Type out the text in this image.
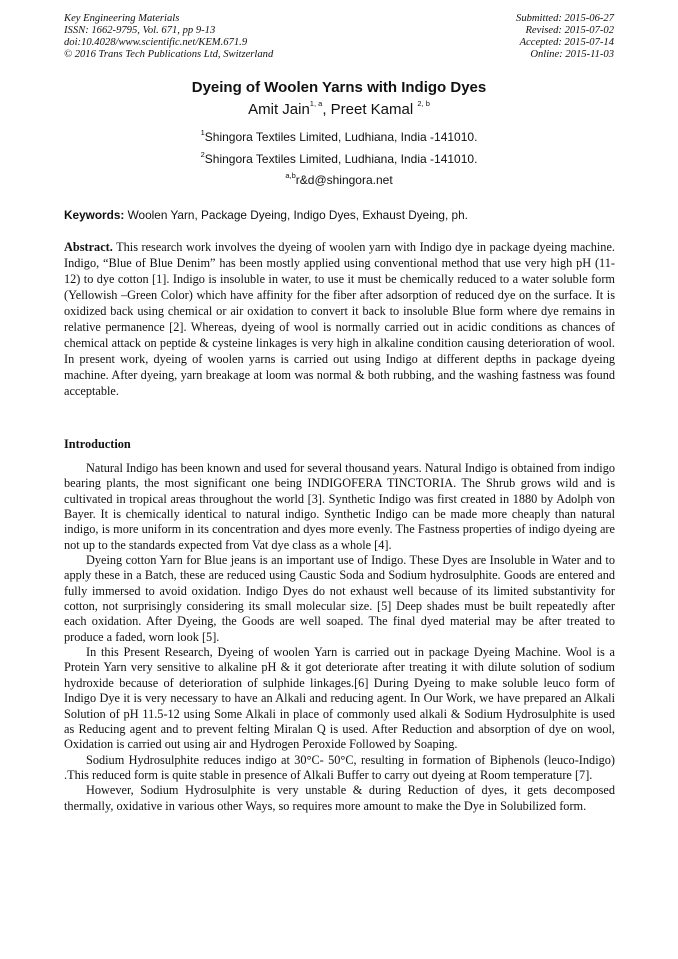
Key Engineering Materials
ISSN: 1662-9795, Vol. 671, pp 9-13
doi:10.4028/www.scientific.net/KEM.671.9
© 2016 Trans Tech Publications Ltd, Switzerland
Submitted: 2015-06-27
Revised: 2015-07-02
Accepted: 2015-07-14
Online: 2015-11-03
Dyeing of Woolen Yarns with Indigo Dyes
Amit Jain$^{1, a}$, Preet Kamal $^{2, b}$
$^1$Shingora Textiles Limited, Ludhiana, India -141010.
$^2$Shingora Textiles Limited, Ludhiana, India -141010.
$^{a,b}$r&d@shingora.net
Keywords: Woolen Yarn, Package Dyeing, Indigo Dyes, Exhaust Dyeing, ph.
Abstract. This research work involves the dyeing of woolen yarn with Indigo dye in package dyeing machine. Indigo, “Blue of Blue Denim” has been mostly applied using conventional method that use very high pH (11-12) to dye cotton [1]. Indigo is insoluble in water, to use it must be chemically reduced to a water soluble form (Yellowish –Green Color) which have affinity for the fiber after adsorption of reduced dye on the surface. It is oxidized back using chemical or air oxidation to convert it back to insoluble Blue form where dye remains in relative permanence [2]. Whereas, dyeing of wool is normally carried out in acidic conditions as chances of chemical attack on peptide & cysteine linkages is very high in alkaline condition causing deterioration of wool. In present work, dyeing of woolen yarns is carried out using Indigo at different depths in package dyeing machine. After dyeing, yarn breakage at loom was normal & both rubbing, and the washing fastness was found acceptable.
Introduction

Natural Indigo has been known and used for several thousand years. Natural Indigo is obtained from indigo bearing plants, the most significant one being INDIGOFERA TINCTORIA. The Shrub grows wild and is cultivated in tropical areas throughout the world [3]. Synthetic Indigo was first created in 1880 by Adolph von Bayer. It is chemically identical to natural indigo. Synthetic Indigo can be made more cheaply than natural indigo, is more uniform in its concentration and dyes more evenly. The Fastness properties of indigo dyeing are not up to the standards expected from Vat dye class as a whole [4].

Dyeing cotton Yarn for Blue jeans is an important use of Indigo. These Dyes are Insoluble in Water and to apply these in a Batch, these are reduced using Caustic Soda and Sodium hydrosulphite. Goods are entered and fully immersed to avoid oxidation. Indigo Dyes do not exhaust well because of its limited substantivity for cotton, not surprisingly considering its small molecular size. [5] Deep shades must be built repeatedly after each oxidation. After Dyeing, the Goods are well soaped. The final dyed material may be after treated to produce a faded, worn look [5].

In this Present Research, Dyeing of woolen Yarn is carried out in package Dyeing Machine. Wool is a Protein Yarn very sensitive to alkaline pH & it got deteriorate after treating it with dilute solution of sodium hydroxide because of deterioration of sulphide linkages.[6] During Dyeing to make soluble leuco form of Indigo Dye it is very necessary to have an Alkali and reducing agent. In Our Work, we have prepared an Alkali Solution of pH 11.5-12 using Some Alkali in place of commonly used alkali & Sodium Hydrosulphite is used as Reducing agent and to prevent felting Miralan Q is used. After Reduction and absorption of dye on wool, Oxidation is carried out using air and Hydrogen Peroxide Followed by Soaping.

Sodium Hydrosulphite reduces indigo at 30°C- 50°C, resulting in formation of Biphenols (leuco-Indigo) .This reduced form is quite stable in presence of Alkali Buffer to carry out dyeing at Room temperature [7].

However, Sodium Hydrosulphite is very unstable & during Reduction of dyes, it gets decomposed thermally, oxidative in various other Ways, so requires more amount to make the Dye in Solubilized form.
